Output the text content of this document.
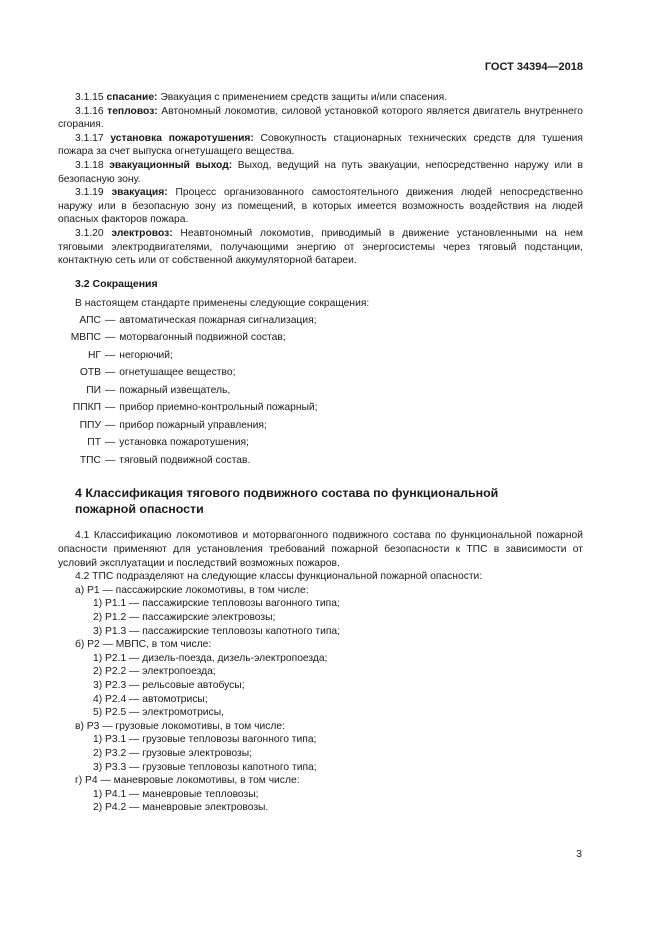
ГОСТ 34394—2018

3.1.15 спасание: Эвакуация с применением средств защиты и/или спасения.

3.1.16 тепловоз: Автономный локомотив, силовой установкой которого является двигатель внутреннего сгорания.

3.1.17 установка пожаротушения: Совокупность стационарных технических средств для тушения пожара за счет выпуска огнетушащего вещества.

3.1.18 эвакуационный выход: Выход, ведущий на путь эвакуации, непосредственно наружу или в безопасную зону.

3.1.19 эвакуация: Процесс организованного самостоятельного движения людей непосредственно наружу или в безопасную зону из помещений, в которых имеется возможность воздействия на людей опасных факторов пожара.

3.1.20 электровоз: Неавтономный локомотив, приводимый в движение установленными на нем тяговыми электродвигателями, получающими энергию от энергосистемы через тяговый подстанции, контактную сеть или от собственной аккумуляторной батареи.

3.2 Сокращения

В настоящем стандарте применены следующие сокращения:

АПС — автоматическая пожарная сигнализация;
МВПС — моторвагонный подвижной состав;
НГ — негорючий;
ОТВ — огнетушащее вещество;
ПИ — пожарный извещатель,
ППКП — прибор приемно-контрольный пожарный;
ППУ — прибор пожарный управления;
ПТ — установка пожаротушения;
ТПС — тяговый подвижной состав.
4 Классификация тягового подвижного состава по функциональной
пожарной опасности

4.1 Классификацию локомотивов и моторвагонного подвижного состава по функциональной пожарной опасности применяют для установления требований пожарной безопасности к ТПС в зависимости от условий эксплуатации и последствий возможных пожаров.

4.2 ТПС подразделяют на следующие классы функциональной пожарной опасности:

а) Р1 — пассажирские локомотивы, в том числе:
1) Р1.1 — пассажирские тепловозы вагонного типа;
2) Р1.2 — пассажирские электровозы;
3) Р1.3 — пассажирские тепловозы капотного типа;
б) Р2 — МВПС, в том числе:
1) Р2.1 — дизель-поезда, дизель-электропоезда;
2) Р2.2 — электропоезда;
3) Р2.3 — рельсовые автобусы;
4) Р2.4 — автомотрисы;
5) Р2.5 — электромотрисы,
в) Р3 — грузовые локомотивы, в том числе:
1) Р3.1 — грузовые тепловозы вагонного типа;
2) Р3.2 — грузовые электровозы;
3) Р3.3 — грузовые тепловозы капотного типа;
г) Р4 — маневровые локомотивы, в том числе:
1) Р4.1 — маневровые тепловозы;
2) Р4.2 — маневровые электровозы.
3
